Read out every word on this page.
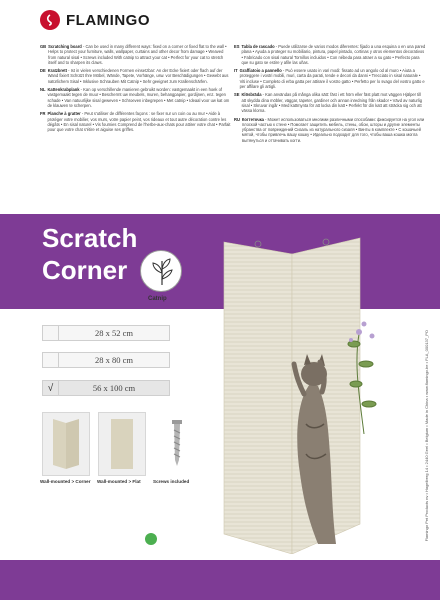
FLAMINGO
GB Scratching board - Can be used in many different ways: fixed on a corner or fixed flat to the wall • Helps to protect your furniture, walls, wallpaper, curtains and other decor from damage • Weaved from natural sisal • Screws included With catnip to attract your cat • Perfect for your cat to stretch itself and to sharpen its claws.
DE Kratzbrett - Ist in vielen verschiedenen Formen einsetzbar: An der Ecke fixiert oder flach auf der Wand fixiert Schützt Ihre Möbel, Wände, Tapete, Vorhänge, usw. vor Beschädigungen • Gewebt aus natürlichem Sisal • Inklusive Schrauben Mit Catnip • Sehr geeignet zum Krallenschärfen.
NL Kattenkrabplank - Kan op verschillende manieren gebruikt worden: vastgemaakt in een hoek of vastgemaakt tegen de muur • Beschermt uw meubels, muren, behangpapier, gordijnen, enz. tegen schade • Van natuurlijke sisal geweven • Schroeven inbegrepen • Met catnip • Ideaal voor uw kat om de klauwen te scherpen.
FR Planche à gratter - Peut s'utiliser de différentes façons : se fixer sur un coin ou au mur • Aide à protéger votre mobilier, vos murs, votre papier peint, vos rideaux et tout autre décoration contre les dégâts • En sisal naturel • Vis fournies Comprend de l'herbe-aux-chats pour attirer votre chat • Parfait pour que votre chat s'étire et aiguise ses griffes.
ES Tabla de rascado - Puede utilizarse de varios modos diferentes: fijado a una esquina o en una pared plana • Ayuda a proteger su mobiliario, pintura, papel pintado, cortinas y otros elementos decorativos • Fabricado con sisal natural Tornillos incluidos • Con nébeda para atraer a su gato • Perfecto para que su gato se estire y afile las uñas.
IT Graffiatoio a pannello - Può essere usato in vari modi: fissato ad un angolo od al muro • Aiuta a proteggere i vostri mobili, muri, carta da parati, tende e decori da danni • Trecciato in sisal naturale • Viti incluse • Completo di erba gatta per attirare il vostro gatto • Perfetto per lo svago del vostro gatto e per affilare gli artigli.
SE Klösbräda - Kan användas på många olika sätt: fäst i ett hörn eller fäst platt mot väggen Hjälper till att skydda dina möbler, väggar, tapeter, gardiner och annan inredning från skador • Vävd av naturlig sisal • Skruvar ingår • Med kattmynta för att locka din katt • Perfekt för din katt att sträcka sig och att vässa klorna.
RU Когтеточка - Может использоваться многими различными способами: фиксируется на угол или плоской частью к стене • Помогает защитить мебель, стены, обои, шторы и другие элементы убранства от повреждений Сизаль из натурального сизаля • Винты в комплекте • С кошачьей мятой, чтобы привлечь вашу кошку • Идеально подходит для того, чтобы ваша кошка могла вытянуться и оттачивать когти.
Scratch
Corner
Catnip
28 x 52 cm
28 x 80 cm
√	56 x 100 cm
Wall-mounted > Corner Wall-mounted > Flat	Screws included	Flamingo Pet Products nv • Hagelberg 14 • 2440 Geel • Belgium • Made in China • www.flamingo.be • FLA_000137_PO
